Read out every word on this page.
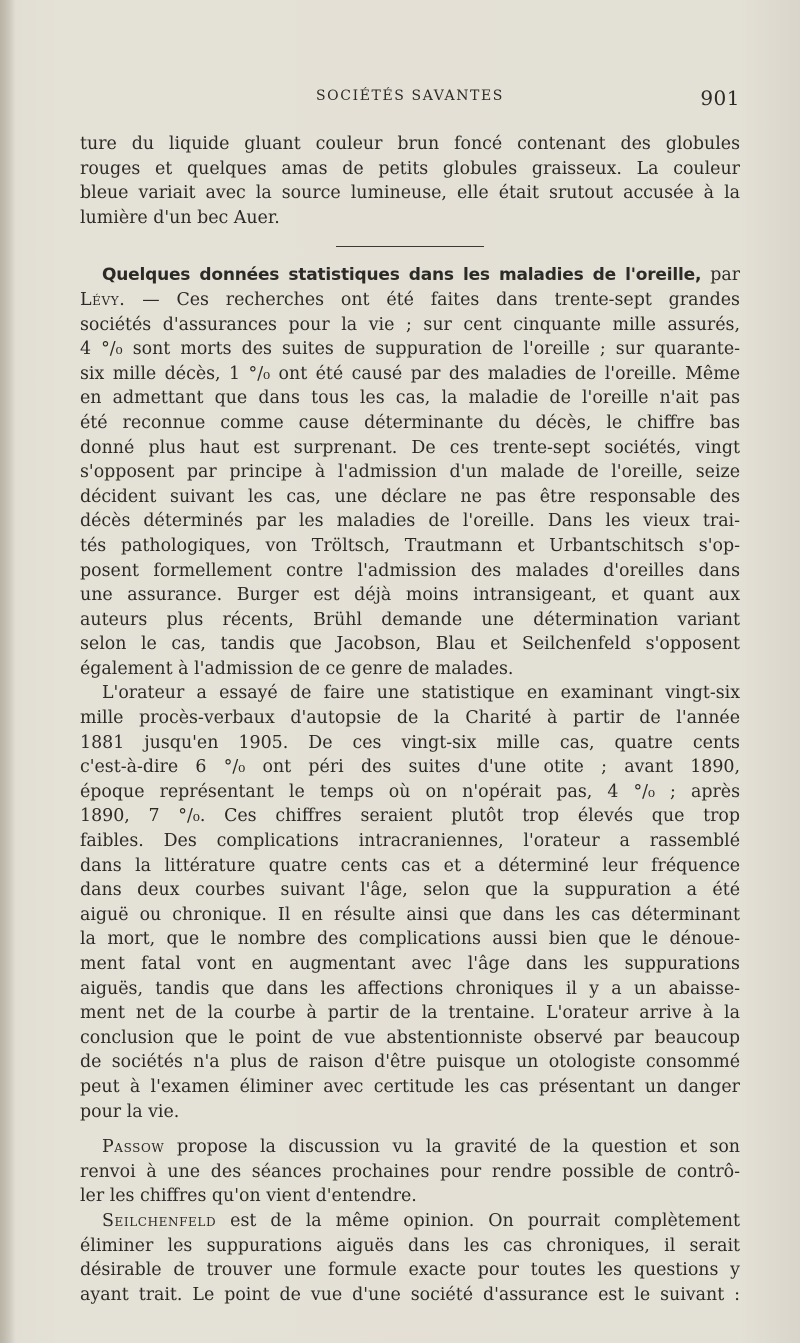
SOCIÉTÉS SAVANTES	901
ture du liquide gluant couleur brun foncé contenant des globules
rouges et quelques amas de petits globules graisseux. La couleur
bleue variait avec la source lumineuse, elle était srutout accusée à la
lumière d'un bec Auer.
Quelques données statistiques dans les maladies de l'oreille, par
Lévy. — Ces recherches ont été faites dans trente-sept grandes
sociétés d'assurances pour la vie ; sur cent cinquante mille assurés,
4 °/₀ sont morts des suites de suppuration de l'oreille ; sur quarante-
six mille décès, 1 °/₀ ont été causé par des maladies de l'oreille. Même
en admettant que dans tous les cas, la maladie de l'oreille n'ait pas
été reconnue comme cause déterminante du décès, le chiffre bas
donné plus haut est surprenant. De ces trente-sept sociétés, vingt
s'opposent par principe à l'admission d'un malade de l'oreille, seize
décident suivant les cas, une déclare ne pas être responsable des
décès déterminés par les maladies de l'oreille. Dans les vieux trai-
tés pathologiques, von Tröltsch, Trautmann et Urbantschitsch s'op-
posent formellement contre l'admission des malades d'oreilles dans
une assurance. Burger est déjà moins intransigeant, et quant aux
auteurs plus récents, Brühl demande une détermination variant
selon le cas, tandis que Jacobson, Blau et Seilchenfeld s'opposent
également à l'admission de ce genre de malades.
L'orateur a essayé de faire une statistique en examinant vingt-six
mille procès-verbaux d'autopsie de la Charité à partir de l'année
1881 jusqu'en 1905. De ces vingt-six mille cas, quatre cents
c'est-à-dire 6 °/₀ ont péri des suites d'une otite ; avant 1890,
époque représentant le temps où on n'opérait pas, 4 °/₀ ; après
1890, 7 °/₀. Ces chiffres seraient plutôt trop élevés que trop
faibles. Des complications intracraniennes, l'orateur a rassemblé
dans la littérature quatre cents cas et a déterminé leur fréquence
dans deux courbes suivant l'âge, selon que la suppuration a été
aiguë ou chronique. Il en résulte ainsi que dans les cas déterminant
la mort, que le nombre des complications aussi bien que le dénoue-
ment fatal vont en augmentant avec l'âge dans les suppurations
aiguës, tandis que dans les affections chroniques il y a un abaisse-
ment net de la courbe à partir de la trentaine. L'orateur arrive à la
conclusion que le point de vue abstentionniste observé par beaucoup
de sociétés n'a plus de raison d'être puisque un otologiste consommé
peut à l'examen éliminer avec certitude les cas présentant un danger
pour la vie.
Passow propose la discussion vu la gravité de la question et son
renvoi à une des séances prochaines pour rendre possible de contrô-
ler les chiffres qu'on vient d'entendre.
Seilchenfeld est de la même opinion. On pourrait complètement
éliminer les suppurations aiguës dans les cas chroniques, il serait
désirable de trouver une formule exacte pour toutes les questions y
ayant trait. Le point de vue d'une société d'assurance est le suivant :
